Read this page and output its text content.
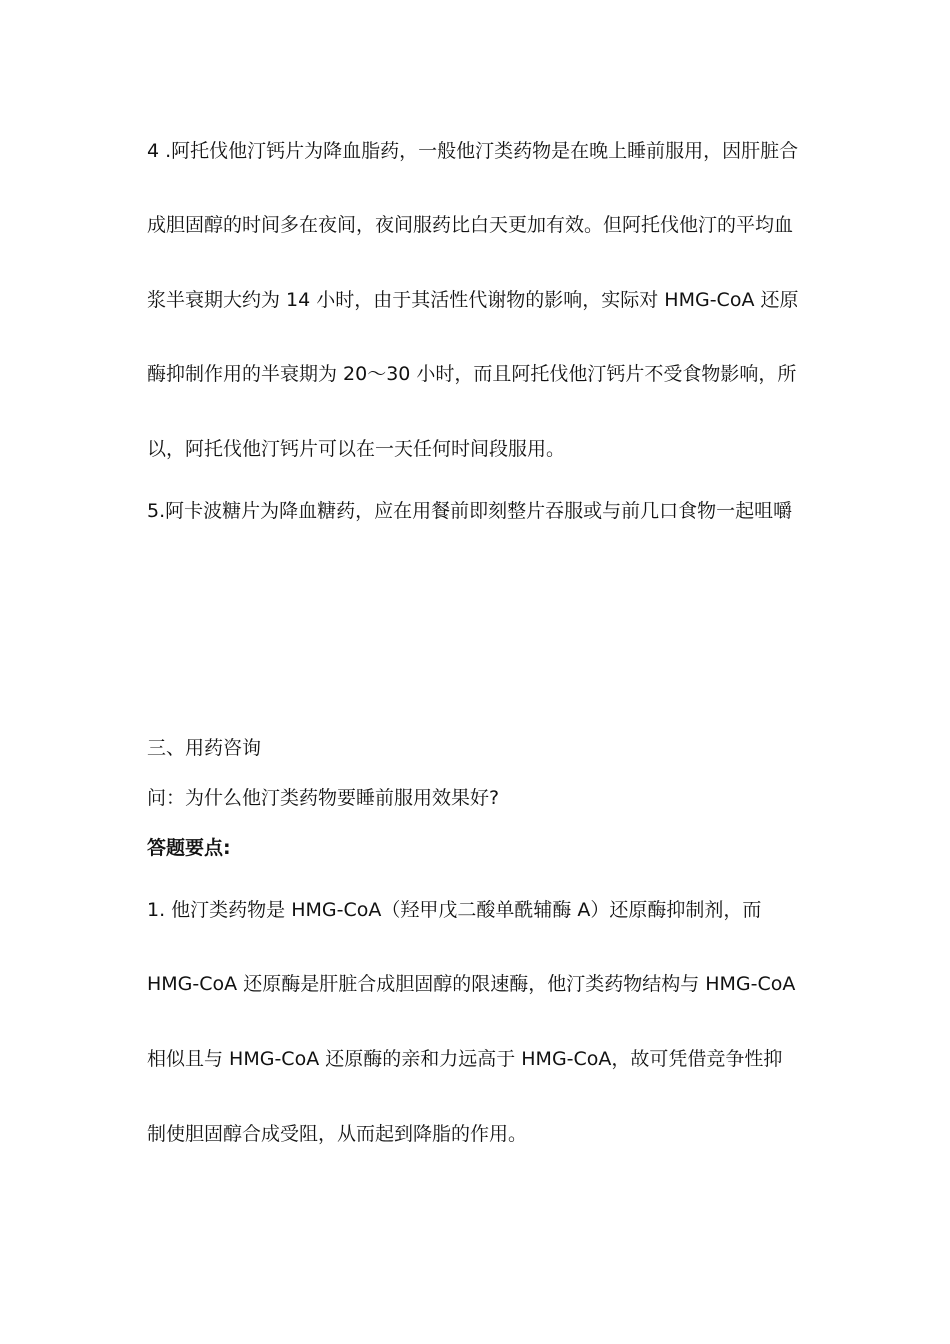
4 .阿托伐他汀钙片为降血脂药，一般他汀类药物是在晚上睡前服用，因肝脏合
成胆固醇的时间多在夜间，夜间服药比白天更加有效。但阿托伐他汀的平均血
浆半衰期大约为 14 小时，由于其活性代谢物的影响，实际对 HMG-CoA 还原
酶抑制作用的半衰期为 20～30 小时，而且阿托伐他汀钙片不受食物影响，所
以，阿托伐他汀钙片可以在一天任何时间段服用。
5.阿卡波糖片为降血糖药，应在用餐前即刻整片吞服或与前几口食物一起咀嚼
三、用药咨询
问：为什么他汀类药物要睡前服用效果好?
答题要点:
1. 他汀类药物是 HMG-CoA（羟甲戊二酸单酰辅酶 A）还原酶抑制剂，而
HMG-CoA 还原酶是肝脏合成胆固醇的限速酶，他汀类药物结构与 HMG-CoA
相似且与 HMG-CoA 还原酶的亲和力远高于 HMG-CoA，故可凭借竞争性抑
制使胆固醇合成受阻，从而起到降脂的作用。
